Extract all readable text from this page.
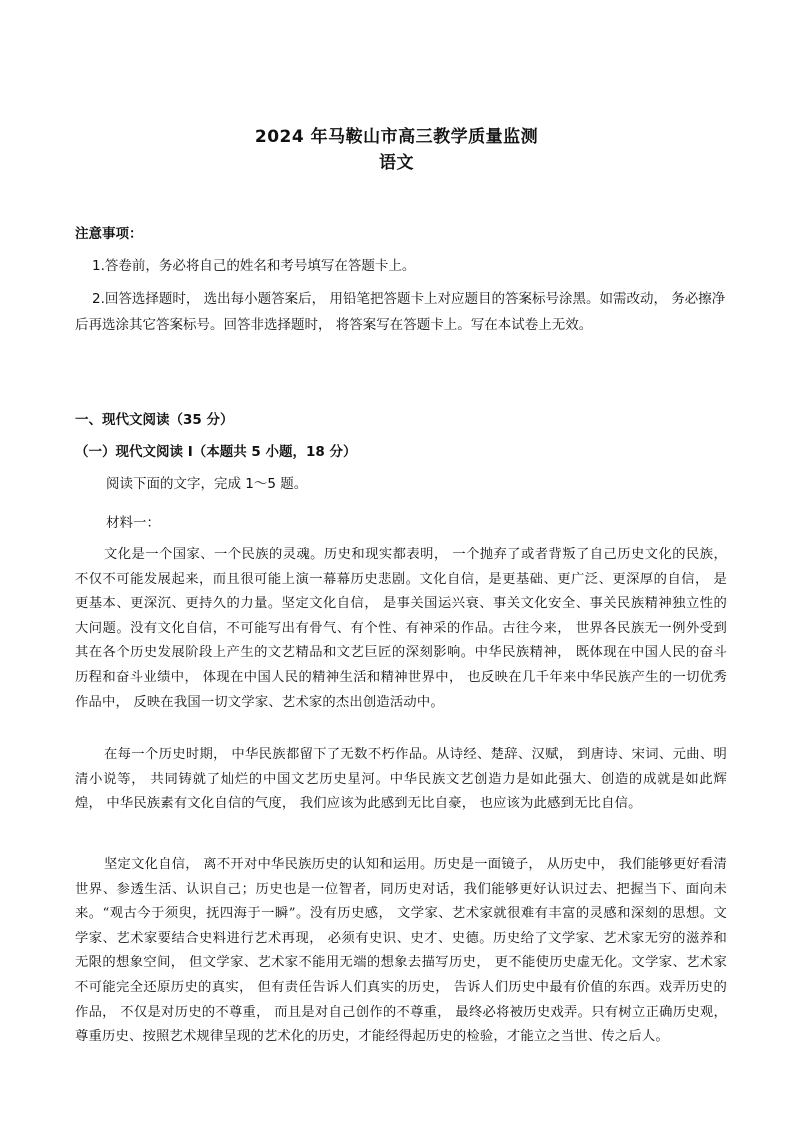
2024 年马鞍山市高三教学质量监测
语文
注意事项：

1.答卷前，务必将自己的姓名和考号填写在答题卡上。

2.回答选择题时， 选出每小题答案后， 用铅笔把答题卡上对应题目的答案标号涂黑。如需改动， 务必擦净后再选涂其它答案标号。回答非选择题时， 将答案写在答题卡上。写在本试卷上无效。

一、现代文阅读（35 分）
（一）现代文阅读 I（本题共 5 小题，18 分）
阅读下面的文字，完成 1～5 题。
材料一：

文化是一个国家、一个民族的灵魂。历史和现实都表明， 一个抛弃了或者背叛了自己历史文化的民族，不仅不可能发展起来，而且很可能上演一幕幕历史悲剧。文化自信，是更基础、更广泛、更深厚的自信， 是更基本、更深沉、更持久的力量。坚定文化自信， 是事关国运兴衰、事关文化安全、事关民族精神独立性的大问题。没有文化自信，不可能写出有骨气、有个性、有神采的作品。古往今来， 世界各民族无一例外受到其在各个历史发展阶段上产生的文艺精品和文艺巨匠的深刻影响。中华民族精神， 既体现在中国人民的奋斗历程和奋斗业绩中， 体现在中国人民的精神生活和精神世界中， 也反映在几千年来中华民族产生的一切优秀作品中， 反映在我国一切文学家、艺术家的杰出创造活动中。

在每一个历史时期， 中华民族都留下了无数不朽作品。从诗经、楚辞、汉赋， 到唐诗、宋词、元曲、明清小说等， 共同铸就了灿烂的中国文艺历史星河。中华民族文艺创造力是如此强大、创造的成就是如此辉煌， 中华民族素有文化自信的气度， 我们应该为此感到无比自豪， 也应该为此感到无比自信。

坚定文化自信， 离不开对中华民族历史的认知和运用。历史是一面镜子， 从历史中， 我们能够更好看清世界、参透生活、认识自己；历史也是一位智者，同历史对话，我们能够更好认识过去、把握当下、面向未来。“观古今于须臾，抚四海于一瞬”。没有历史感， 文学家、艺术家就很难有丰富的灵感和深刻的思想。文学家、艺术家要结合史料进行艺术再现， 必须有史识、史才、史德。历史给了文学家、艺术家无穷的滋养和无限的想象空间， 但文学家、艺术家不能用无端的想象去描写历史， 更不能使历史虚无化。文学家、艺术家不可能完全还原历史的真实， 但有责任告诉人们真实的历史， 告诉人们历史中最有价值的东西。戏弄历史的作品， 不仅是对历史的不尊重， 而且是对自己创作的不尊重， 最终必将被历史戏弄。只有树立正确历史观，尊重历史、按照艺术规律呈现的艺术化的历史，才能经得起历史的检验，才能立之当世、传之后人。
